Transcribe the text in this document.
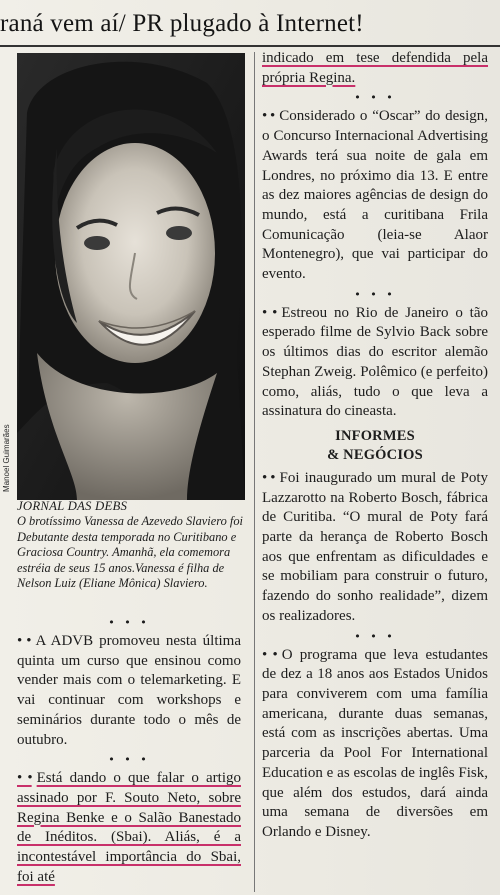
raná vem aí/ PR plugado à Internet!
Manoel Guimarães
JORNAL DAS DEBS
O brotíssimo Vanessa de Azevedo Slaviero foi Debutante desta temporada no Curitibano e Graciosa Country. Amanhã, ela comemora estréia de seus 15 anos.Vanessa é filha de Nelson Luiz (Eliane Mônica) Slaviero.
• • •

• • A ADVB promoveu nesta última quinta um curso que ensinou como vender mais com o telemarketing. E vai continuar com workshops e seminários durante todo o mês de outubro.

• • •

• • Está dando o que falar o artigo assinado por F. Souto Neto, sobre Regina Benke e o Salão Banestado de Inéditos. (Sbai). Aliás, é a incontestável importância do Sbai, foi até

indicado em tese defendida pela própria Regina.

• • •

• • Considerado o “Oscar” do design, o Concurso Internacional Advertising Awards terá sua noite de gala em Londres, no próximo dia 13. E entre as dez maiores agências de design do mundo, está a curitibana Frila Comunicação (leia-se Alaor Montenegro), que vai participar do evento.

• • •

• • Estreou no Rio de Janeiro o tão esperado filme de Sylvio Back sobre os últimos dias do escritor alemão Stephan Zweig. Polêmico (e perfeito) como, aliás, tudo o que leva a assinatura do cineasta.

INFORMES
& NEGÓCIOS

• • Foi inaugurado um mural de Poty Lazzarotto na Roberto Bosch, fábrica de Curitiba. “O mural de Poty fará parte da herança de Roberto Bosch aos que enfrentam as dificuldades e se mobiliam para construir o futuro, fazendo do sonho realidade”, dizem os realizadores.

• • •

• • O programa que leva estudantes de dez a 18 anos aos Estados Unidos para conviverem com uma família americana, durante duas semanas, está com as inscrições abertas. Uma parceria da Pool For International Education e as escolas de inglês Fisk, que além dos estudos, dará ainda uma semana de diversões em Orlando e Disney.
